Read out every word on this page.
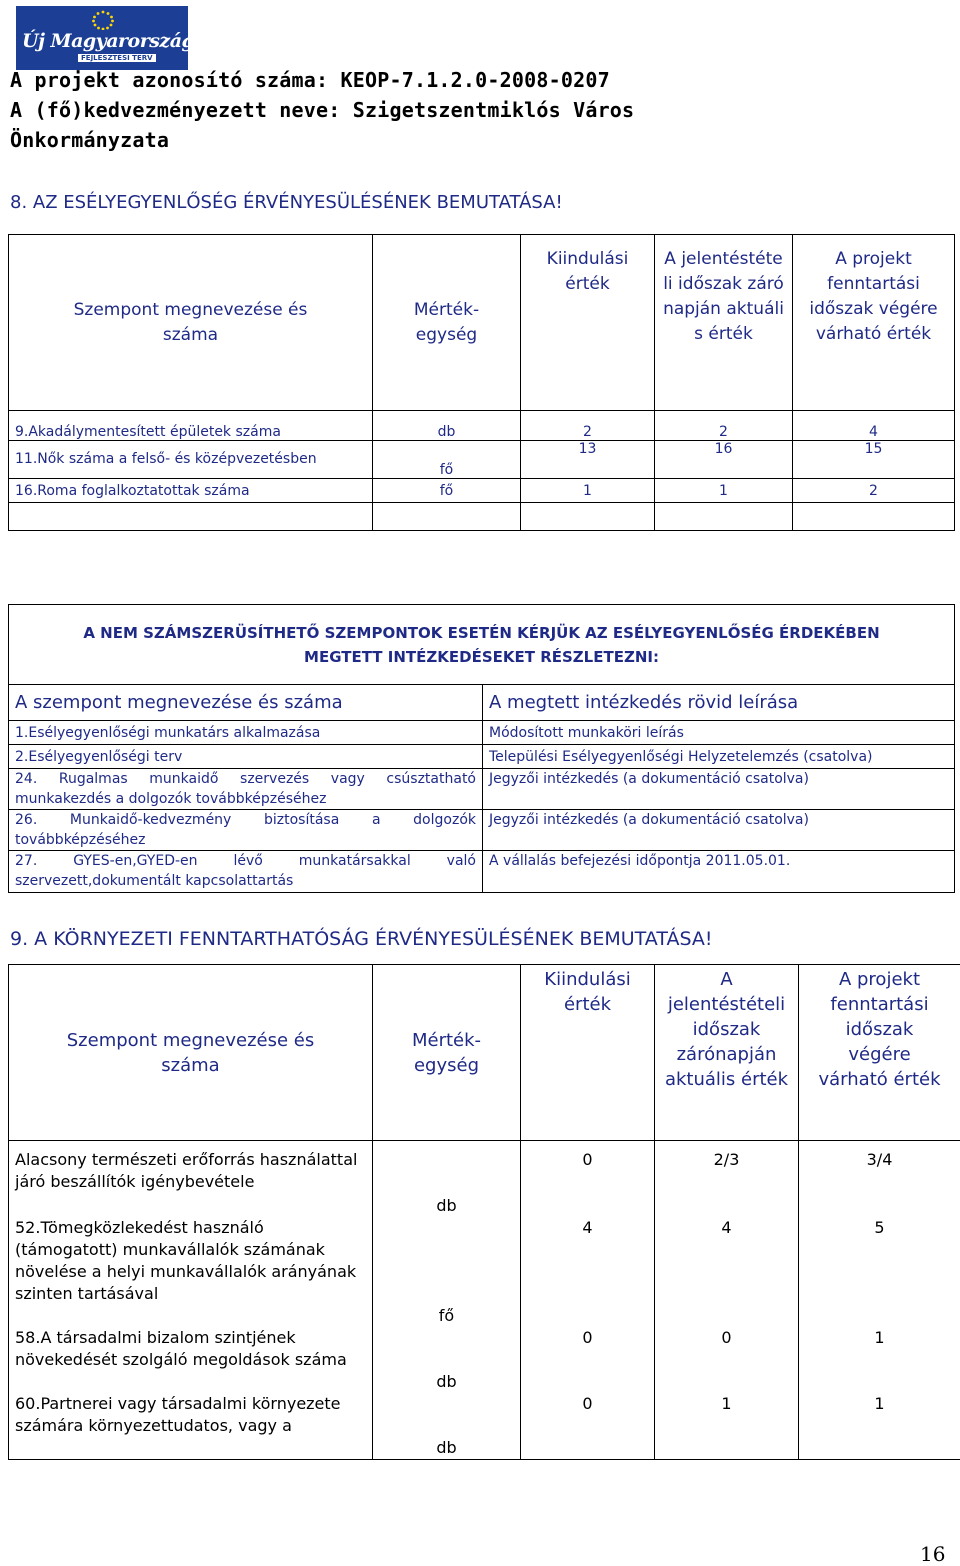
Új Magyarország
FEJLESZTÉSI TERV
A projekt azonosító száma: KEOP-7.1.2.0-2008-0207
A (fő)kedvezményezett neve: Szigetszentmiklós Város
Önkormányzata
8. AZ ESÉLYEGYENLŐSÉG ÉRVÉNYESÜLÉSÉNEK BEMUTATÁSA!
Szempont megnevezése és száma	Mérték-egység	Kiindulási érték	A jelentéstételi időszak zárónapján aktuális érték	A projekt fenntartási időszak végére várható érték

9.Akadálymentesített épületek száma	db	2	2	4
11.Nők száma a felső- és középvezetésben	fő	13	16	15
16.Roma foglalkoztatottak száma	fő	1	1	2

A NEM SZÁMSZERÜSÍTHETŐ SZEMPONTOK ESETÉN KÉRJÜK AZ ESÉLYEGYENLŐSÉG ÉRDEKÉBEN MEGTETT INTÉZKEDÉSEKET RÉSZLETEZNI:	
A szempont megnevezése és száma	A megtett intézkedés rövid leírása
1.Esélyegyenlőségi munkatárs alkalmazása	Módosított munkaköri leírás
2.Esélyegyenlőségi terv	Települési Esélyegyenlőségi Helyzetelemzés (csatolva)
24. Rugalmas munkaidő szervezés vagy csúsztatható munkakezdés a dolgozók továbbképzéséhez	Jegyzői intézkedés (a dokumentáció csatolva)
26. Munkaidő-kedvezmény biztosítása a dolgozók továbbképzéséhez	Jegyzői intézkedés (a dokumentáció csatolva)
27. GYES-en,GYED-en lévő munkatársakkal való szervezett,dokumentált kapcsolattartás	A vállalás befejezési időpontja 2011.05.01.
9. A KÖRNYEZETI FENNTARTHATÓSÁG ÉRVÉNYESÜLÉSÉNEK BEMUTATÁSA!
Szempont megnevezése és száma	Mérték-egység	Kiindulási érték	A jelentéstételi időszak zárónapján aktuális érték	A projekt fenntartási időszak végére várható érték

Alacsony természeti erőforrás használattal járó beszállítók igénybevétele	db	0	2/3	3/4
52.Tömegközlekedést használó (támogatott) munkavállalók számának növelése a helyi munkavállalók arányának szinten tartásával	fő	4	4	5
58.A társadalmi bizalom szintjének növekedését szolgáló megoldások száma	db	0	0	1
60.Partnerei vagy társadalmi környezete számára környezettudatos, vagy a	db	0	1	1
16
